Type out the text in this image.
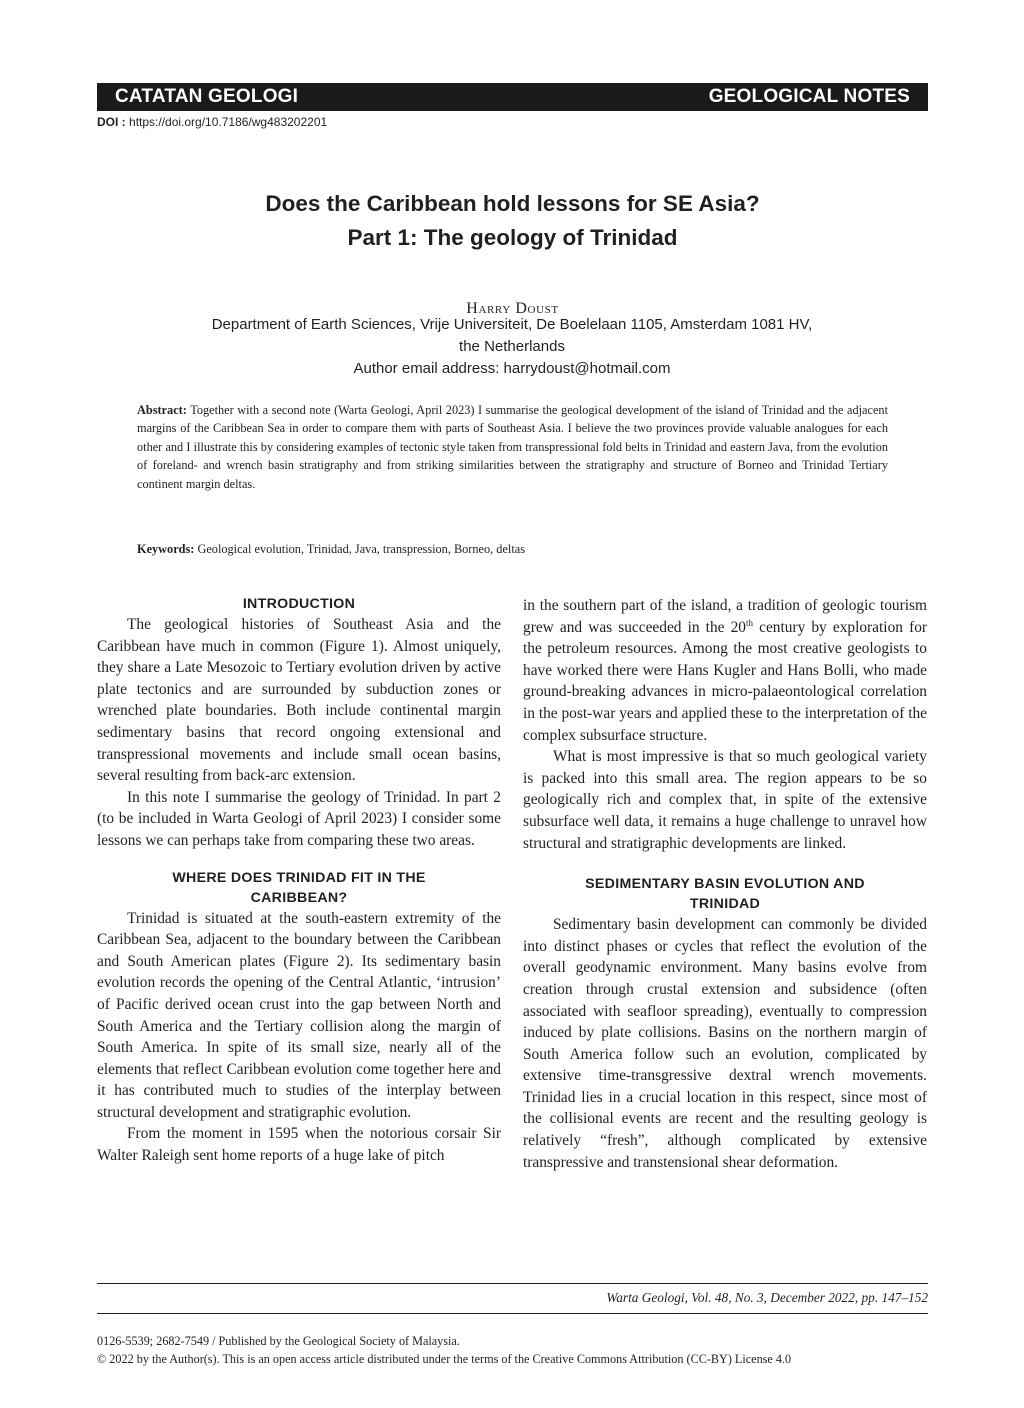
CATATAN GEOLOGI	GEOLOGICAL NOTES
DOI : https://doi.org/10.7186/wg483202201
Does the Caribbean hold lessons for SE Asia?
Part 1: The geology of Trinidad
Harry Doust
Department of Earth Sciences, Vrije Universiteit, De Boelelaan 1105, Amsterdam 1081 HV,
the Netherlands
Author email address: harrydoust@hotmail.com
Abstract: Together with a second note (Warta Geologi, April 2023) I summarise the geological development of the island of Trinidad and the adjacent margins of the Caribbean Sea in order to compare them with parts of Southeast Asia. I believe the two provinces provide valuable analogues for each other and I illustrate this by considering examples of tectonic style taken from transpressional fold belts in Trinidad and eastern Java, from the evolution of foreland- and wrench basin stratigraphy and from striking similarities between the stratigraphy and structure of Borneo and Trinidad Tertiary continent margin deltas.
Keywords: Geological evolution, Trinidad, Java, transpression, Borneo, deltas
INTRODUCTION

The geological histories of Southeast Asia and the Caribbean have much in common (Figure 1). Almost uniquely, they share a Late Mesozoic to Tertiary evolution driven by active plate tectonics and are surrounded by subduction zones or wrenched plate boundaries. Both include continental margin sedimentary basins that record ongoing extensional and transpressional movements and include small ocean basins, several resulting from back-arc extension.

In this note I summarise the geology of Trinidad. In part 2 (to be included in Warta Geologi of April 2023) I consider some lessons we can perhaps take from comparing these two areas.

WHERE DOES TRINIDAD FIT IN THE
CARIBBEAN?

Trinidad is situated at the south-eastern extremity of the Caribbean Sea, adjacent to the boundary between the Caribbean and South American plates (Figure 2). Its sedimentary basin evolution records the opening of the Central Atlantic, ‘intrusion’ of Pacific derived ocean crust into the gap between North and South America and the Tertiary collision along the margin of South America. In spite of its small size, nearly all of the elements that reflect Caribbean evolution come together here and it has contributed much to studies of the interplay between structural development and stratigraphic evolution.

From the moment in 1595 when the notorious corsair Sir Walter Raleigh sent home reports of a huge lake of pitch

in the southern part of the island, a tradition of geologic tourism grew and was succeeded in the 20th century by exploration for the petroleum resources. Among the most creative geologists to have worked there were Hans Kugler and Hans Bolli, who made ground-breaking advances in micro-palaeontological correlation in the post-war years and applied these to the interpretation of the complex subsurface structure.

What is most impressive is that so much geological variety is packed into this small area. The region appears to be so geologically rich and complex that, in spite of the extensive subsurface well data, it remains a huge challenge to unravel how structural and stratigraphic developments are linked.

SEDIMENTARY BASIN EVOLUTION AND
TRINIDAD

Sedimentary basin development can commonly be divided into distinct phases or cycles that reflect the evolution of the overall geodynamic environment. Many basins evolve from creation through crustal extension and subsidence (often associated with seafloor spreading), eventually to compression induced by plate collisions. Basins on the northern margin of South America follow such an evolution, complicated by extensive time-transgressive dextral wrench movements. Trinidad lies in a crucial location in this respect, since most of the collisional events are recent and the resulting geology is relatively “fresh”, although complicated by extensive transpressive and transtensional shear deformation.

Warta Geologi, Vol. 48, No. 3, December 2022, pp. 147–152
0126-5539; 2682-7549 / Published by the Geological Society of Malaysia.
© 2022 by the Author(s). This is an open access article distributed under the terms of the Creative Commons Attribution (CC-BY) License 4.0
